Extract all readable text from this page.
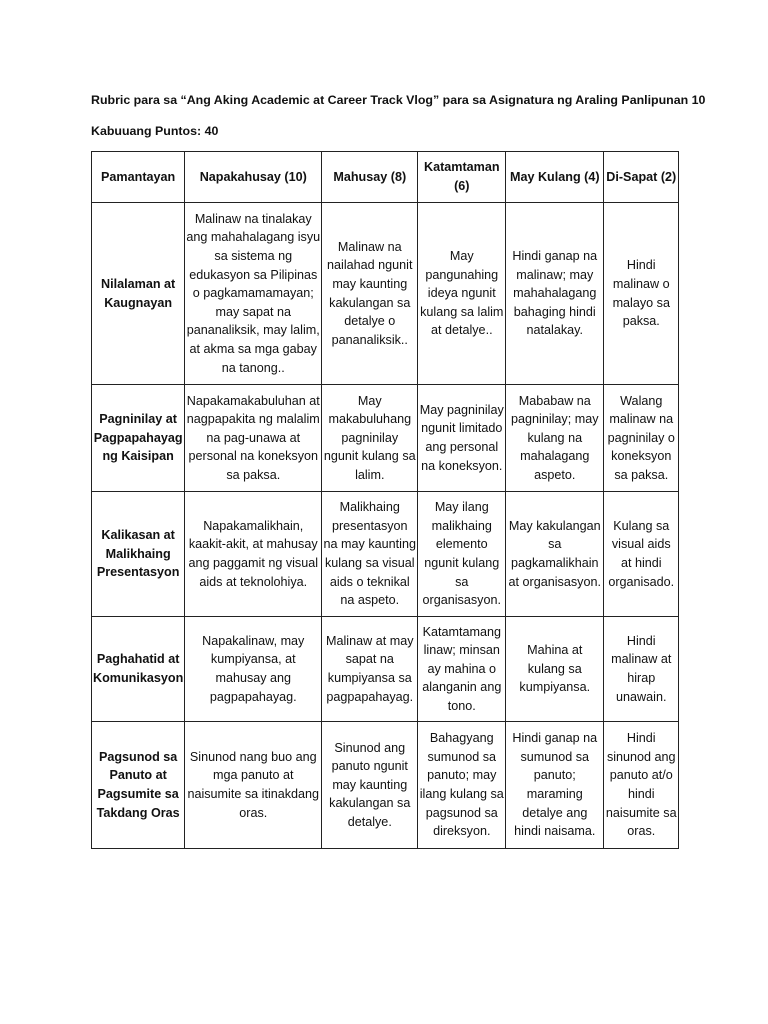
Rubric para sa “Ang Aking Academic at Career Track Vlog” para sa Asignatura ng Araling Panlipunan 10
Kabuuang Puntos: 40
Pamantayan	Napakahusay (10)	Mahusay (8)	Katamtaman (6)	May Kulang (4)	Di-Sapat (2)
Nilalaman at Kaugnayan	Malinaw na tinalakay ang mahahalagang isyu sa sistema ng edukasyon sa Pilipinas o pagkamamamayan; may sapat na pananaliksik, may lalim, at akma sa mga gabay na tanong..	Malinaw na nailahad ngunit may kaunting kakulangan sa detalye o pananaliksik..	May pangunahing ideya ngunit kulang sa lalim at detalye..	Hindi ganap na malinaw; may mahahalagang bahaging hindi natalakay.	Hindi malinaw o malayo sa paksa.
Pagninilay at Pagpapahayag ng Kaisipan	Napakamakabuluhan at nagpapakita ng malalim na pag-unawa at personal na koneksyon sa paksa.	May makabuluhang pagninilay ngunit kulang sa lalim.	May pagninilay ngunit limitado ang personal na koneksyon.	Mababaw na pagninilay; may kulang na mahalagang aspeto.	Walang malinaw na pagninilay o koneksyon sa paksa.
Kalikasan at Malikhaing Presentasyon	Napakamalikhain, kaakit-akit, at mahusay ang paggamit ng visual aids at teknolohiya.	Malikhaing presentasyon na may kaunting kulang sa visual aids o teknikal na aspeto.	May ilang malikhaing elemento ngunit kulang sa organisasyon.	May kakulangan sa pagkamalikhain at organisasyon.	Kulang sa visual aids at hindi organisado.
Paghahatid at Komunikasyon	Napakalinaw, may kumpiyansa, at mahusay ang pagpapahayag.	Malinaw at may sapat na kumpiyansa sa pagpapahayag.	Katamtamang linaw; minsan ay mahina o alanganin ang tono.	Mahina at kulang sa kumpiyansa.	Hindi malinaw at hirap unawain.
Pagsunod sa Panuto at Pagsumite sa Takdang Oras	Sinunod nang buo ang mga panuto at naisumite sa itinakdang oras.	Sinunod ang panuto ngunit may kaunting kakulangan sa detalye.	Bahagyang sumunod sa panuto; may ilang kulang sa pagsunod sa direksyon.	Hindi ganap na sumunod sa panuto; maraming detalye ang hindi naisama.	Hindi sinunod ang panuto at/o hindi naisumite sa oras.
